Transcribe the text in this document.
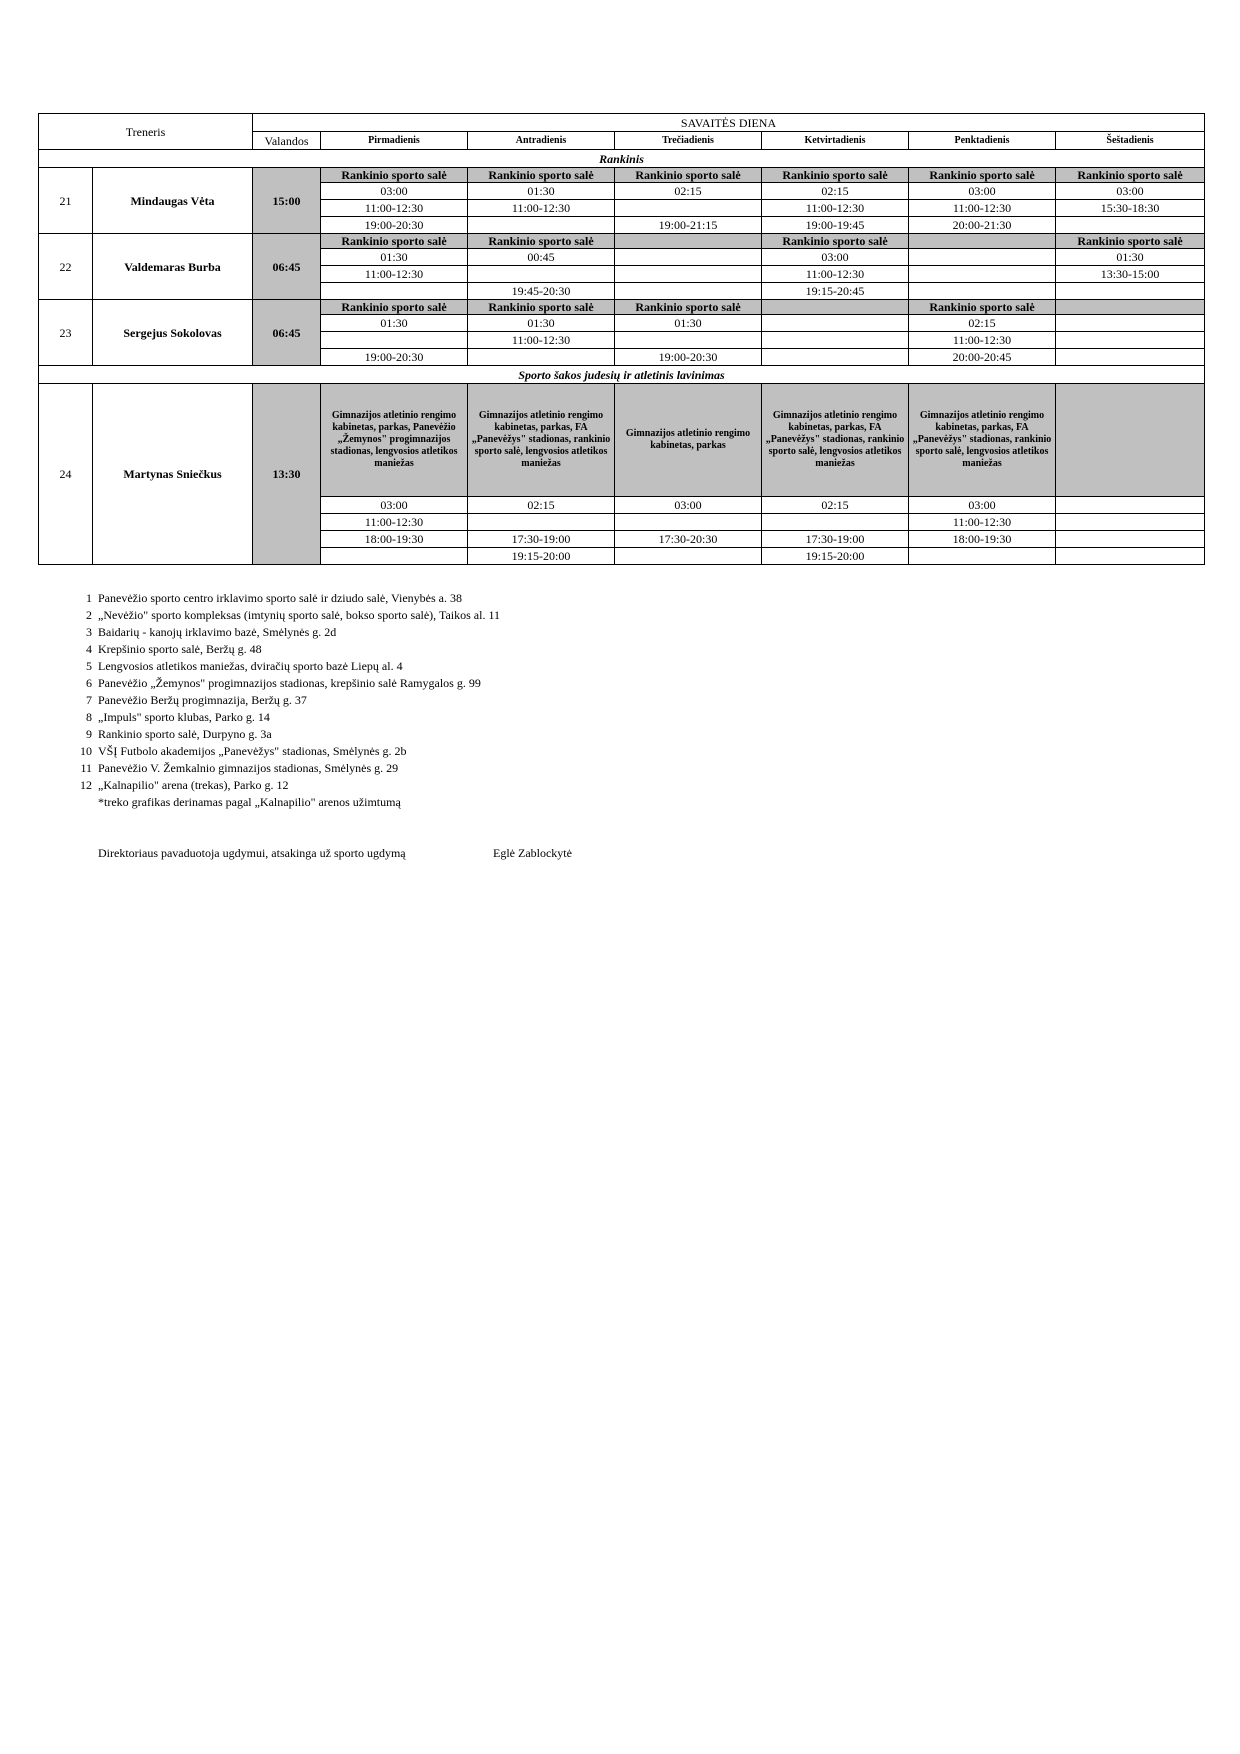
Treneris		SAVAITĖS DIENA						
		Valandos	Pirmadienis	Antradienis	Trečiadienis	Ketvirtadienis	Penktadienis	Šeštadienis
Rankinis								
21	Mindaugas Vėta	15:00	Rankinio sporto salė	Rankinio sporto salė	Rankinio sporto salė	Rankinio sporto salė	Rankinio sporto salė	Rankinio sporto salė
			03:00	01:30	02:15	02:15	03:00	03:00
			11:00-12:30	11:00-12:30		11:00-12:30	11:00-12:30	15:30-18:30
			19:00-20:30		19:00-21:15	19:00-19:45	20:00-21:30	
22	Valdemaras Burba	06:45	Rankinio sporto salė	Rankinio sporto salė		Rankinio sporto salė		Rankinio sporto salė
			01:30	00:45		03:00		01:30
			11:00-12:30			11:00-12:30		13:30-15:00
				19:45-20:30		19:15-20:45		
23	Sergejus Sokolovas	06:45	Rankinio sporto salė	Rankinio sporto salė	Rankinio sporto salė		Rankinio sporto salė	
			01:30	01:30	01:30		02:15	
				11:00-12:30			11:00-12:30	
			19:00-20:30		19:00-20:30		20:00-20:45	
Sporto šakos judesių ir atletinis lavinimas								
24	Martynas Sniečkus	13:30	Gimnazijos atletinio rengimo kabinetas, parkas, Panevėžio „Žemynos" progimnazijos stadionas, lengvosios atletikos maniežas	Gimnazijos atletinio rengimo kabinetas, parkas, FA „Panevėžys" stadionas, rankinio sporto salė, lengvosios atletikos maniežas	Gimnazijos atletinio rengimo kabinetas, parkas	Gimnazijos atletinio rengimo kabinetas, parkas, FA „Panevėžys" stadionas, rankinio sporto salė, lengvosios atletikos maniežas	Gimnazijos atletinio rengimo kabinetas, parkas, FA „Panevėžys" stadionas, rankinio sporto salė, lengvosios atletikos maniežas	
			03:00	02:15	03:00	02:15	03:00	
			11:00-12:30				11:00-12:30	
			18:00-19:30	17:30-19:00	17:30-20:30	17:30-19:00	18:00-19:30	
				19:15-20:00		19:15-20:00		
1 Panevėžio sporto centro irklavimo sporto salė ir dziudo salė, Vienybės a. 38
2 „Nevėžio" sporto kompleksas (imtynių sporto salė, bokso sporto salė), Taikos al. 11
3 Baidarių - kanojų irklavimo bazė, Smėlynės g. 2d
4 Krepšinio sporto salė, Beržų g. 48
5 Lengvosios atletikos maniežas, dviračių sporto bazė Liepų al. 4
6 Panevėžio „Žemynos" progimnazijos stadionas, krepšinio salė Ramygalos g. 99
7 Panevėžio Beržų progimnazija, Beržų g. 37
8 „Impuls" sporto klubas, Parko g. 14
9 Rankinio sporto salė, Durpyno g. 3a
10 VŠĮ Futbolo akademijos „Panevėžys" stadionas, Smėlynės g. 2b
11 Panevėžio V. Žemkalnio gimnazijos stadionas, Smėlynės g. 29
12 „Kalnapilio" arena (trekas), Parko g. 12
*treko grafikas derinamas pagal „Kalnapilio" arenos užimtumą
Direktoriaus pavaduotoja ugdymui, atsakinga už sporto ugdymą	Eglė Zablockytė
